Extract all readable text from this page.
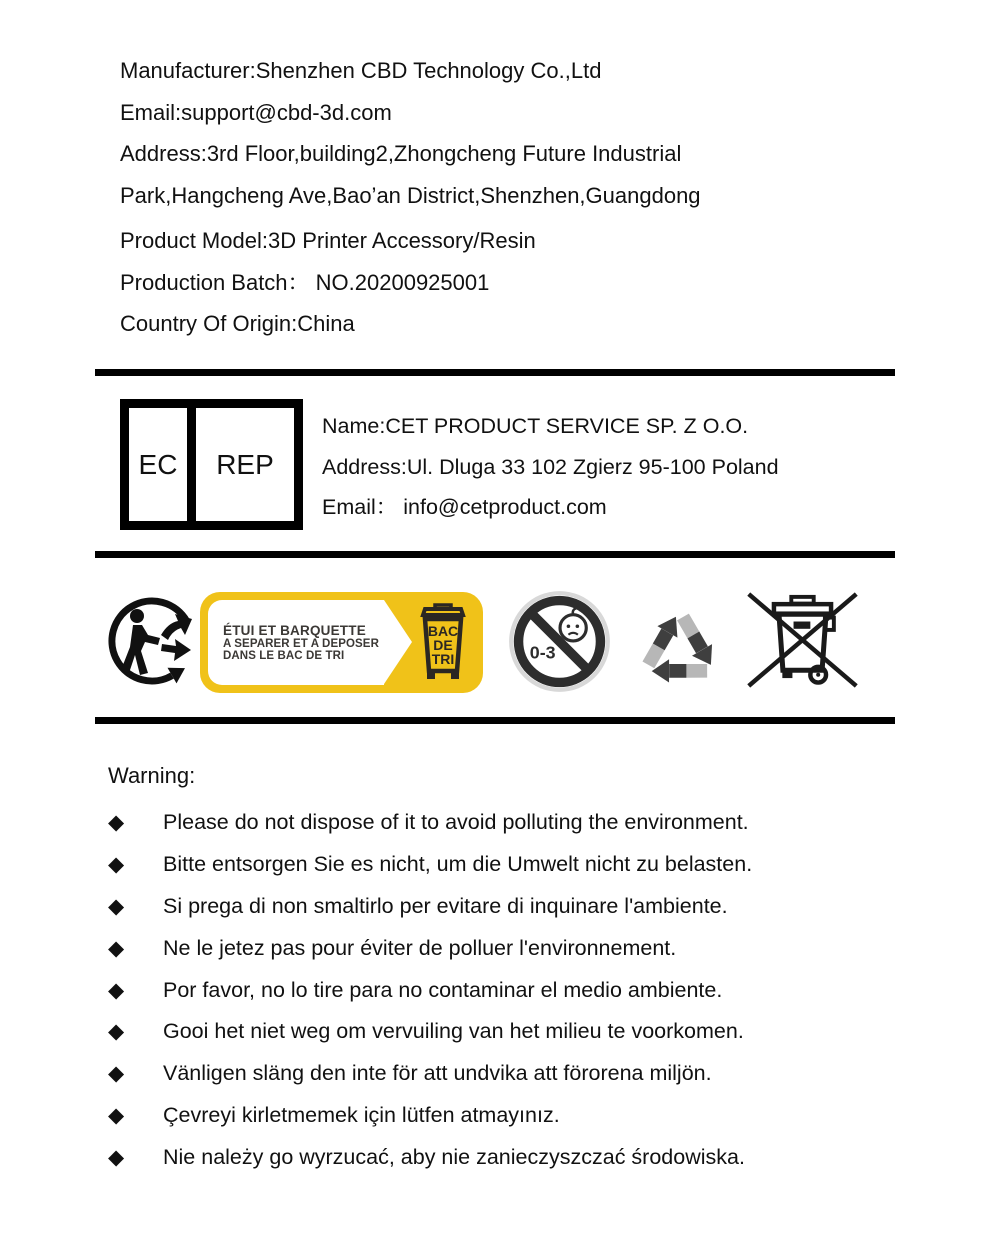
Manufacturer:Shenzhen CBD Technology Co.,Ltd
Email:support@cbd-3d.com
Address:3rd Floor,building2,Zhongcheng Future Industrial
Park,Hangcheng Ave,Bao’an District,Shenzhen,Guangdong
Product Model:3D Printer Accessory/Resin
Production Batch： NO.20200925001
Country Of Origin:China
EC	REP
Name:CET PRODUCT SERVICE SP. Z O.O.
Address:Ul. Dluga 33 102 Zgierz 95-100 Poland
Email： info@cetproduct.com
ÉTUI ET BARQUETTE
A SEPARER ET A DEPOSER
DANS LE BAC DE TRI
BAC
DE
TRI	0-3
Warning:
◆	Please do not dispose of it to avoid polluting the environment.
◆	Bitte entsorgen Sie es nicht, um die Umwelt nicht zu belasten.
◆	Si prega di non smaltirlo per evitare di inquinare l'ambiente.
◆	Ne le jetez pas pour éviter de polluer l'environnement.
◆	Por favor, no lo tire para no contaminar el medio ambiente.
◆	Gooi het niet weg om vervuiling van het milieu te voorkomen.
◆	Vänligen släng den inte för att undvika att förorena miljön.
◆	Çevreyi kirletmemek için lütfen atmayınız.
◆	Nie należy go wyrzucać, aby nie zanieczyszczać środowiska.
